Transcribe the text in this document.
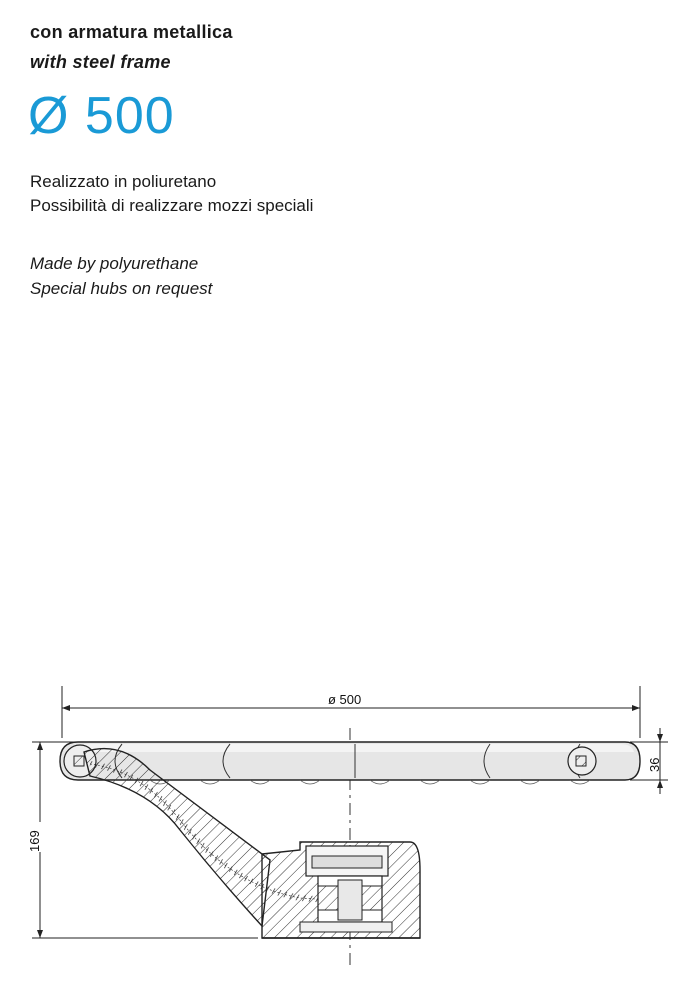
con armatura metallica
with steel frame
Ø 500
Realizzato in poliuretano
Possibilità di realizzare mozzi speciali
Made by polyurethane
Special hubs on request
ø 500
36
169
